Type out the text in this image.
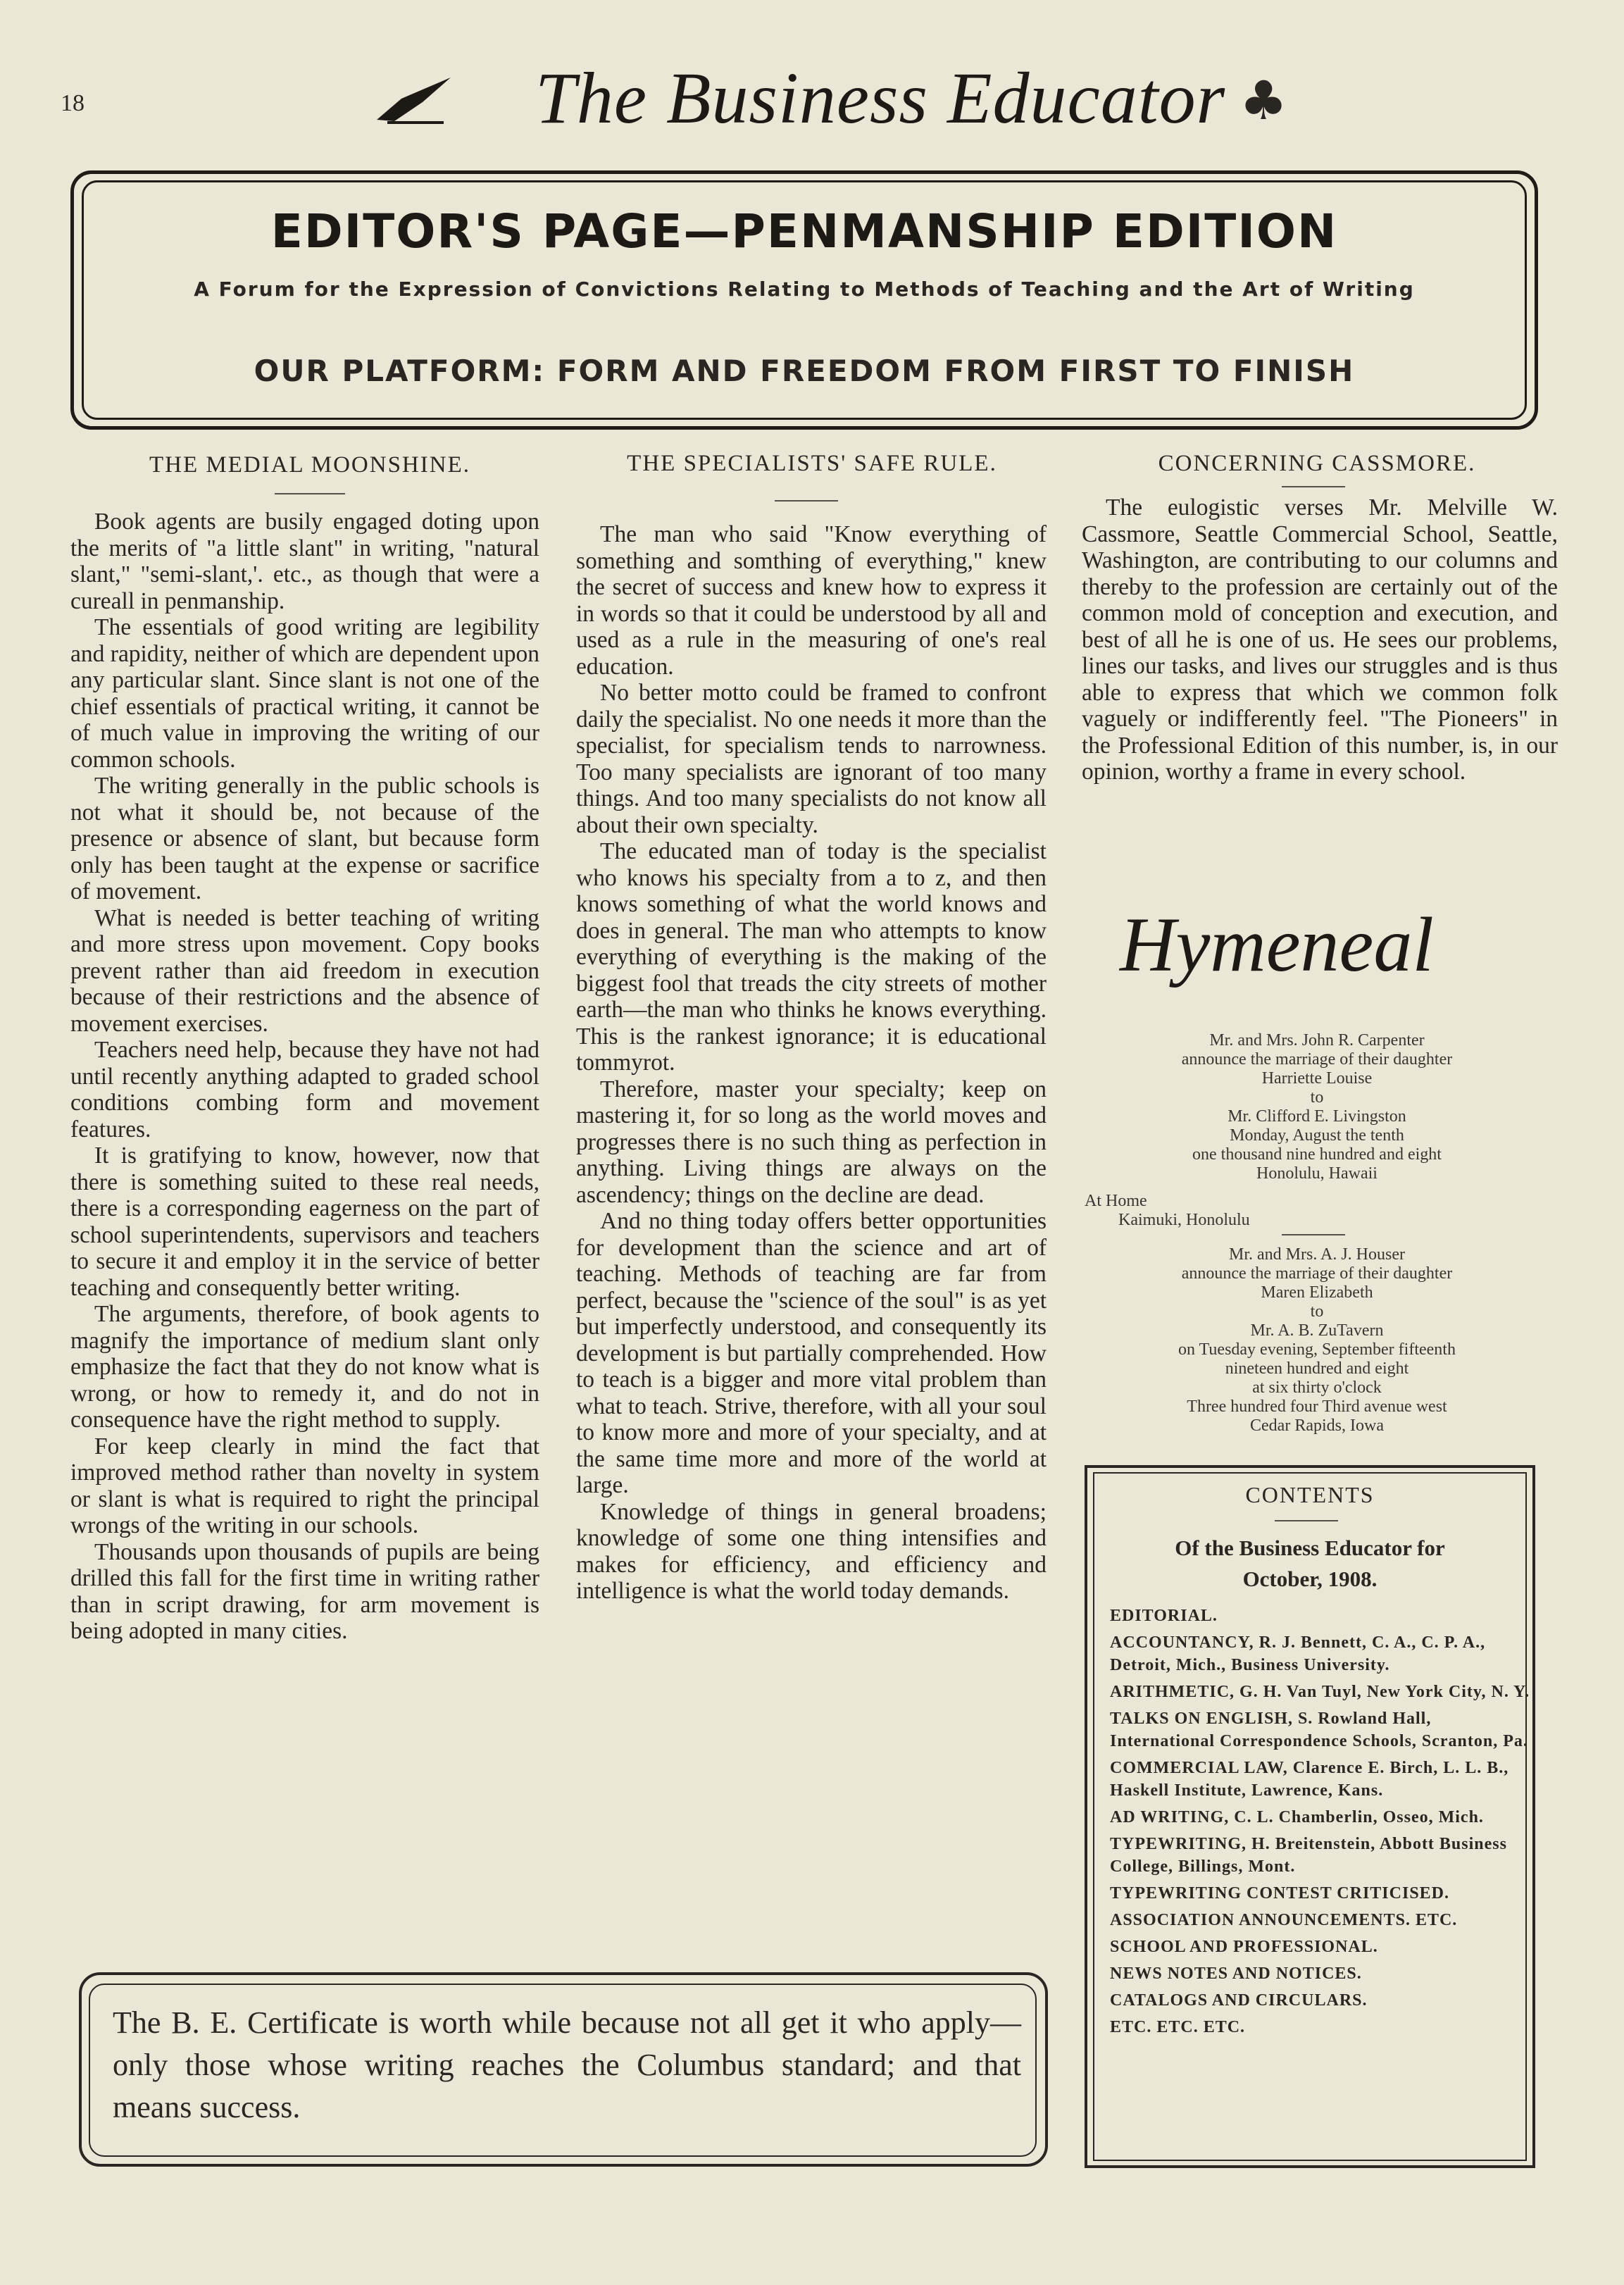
18	The Business Educator ♣
EDITOR'S PAGE—PENMANSHIP EDITION
A Forum for the Expression of Convictions Relating to Methods of Teaching and the Art of Writing
OUR PLATFORM: FORM AND FREEDOM FROM FIRST TO FINISH
THE MEDIAL MOONSHINE.

Book agents are busily engaged doting upon the merits of "a little slant" in writing, "natural slant," "semi-slant,'. etc., as though that were a cureall in penmanship.

The essentials of good writing are legibility and rapidity, neither of which are dependent upon any particular slant. Since slant is not one of the chief essentials of practical writing, it cannot be of much value in improving the writing of our common schools.

The writing generally in the public schools is not what it should be, not because of the presence or absence of slant, but because form only has been taught at the expense or sacrifice of movement.

What is needed is better teaching of writing and more stress upon movement. Copy books prevent rather than aid freedom in execution because of their restrictions and the absence of movement exercises.

Teachers need help, because they have not had until recently anything adapted to graded school conditions combing form and movement features.

It is gratifying to know, however, now that there is something suited to these real needs, there is a corresponding eagerness on the part of school superintendents, supervisors and teachers to secure it and employ it in the service of better teaching and consequently better writing.

The arguments, therefore, of book agents to magnify the importance of medium slant only emphasize the fact that they do not know what is wrong, or how to remedy it, and do not in consequence have the right method to supply.

For keep clearly in mind the fact that improved method rather than novelty in system or slant is what is required to right the principal wrongs of the writing in our schools.

Thousands upon thousands of pupils are being drilled this fall for the first time in writing rather than in script drawing, for arm movement is being adopted in many cities.

THE SPECIALISTS' SAFE RULE.

The man who said "Know everything of something and somthing of everything," knew the secret of success and knew how to express it in words so that it could be understood by all and used as a rule in the measuring of one's real education.

No better motto could be framed to confront daily the specialist. No one needs it more than the specialist, for specialism tends to narrowness. Too many specialists are ignorant of too many things. And too many specialists do not know all about their own specialty.

The educated man of today is the specialist who knows his specialty from a to z, and then knows something of what the world knows and does in general. The man who attempts to know everything of everything is the making of the biggest fool that treads the city streets of mother earth—the man who thinks he knows everything. This is the rankest ignorance; it is educational tommyrot.

Therefore, master your specialty; keep on mastering it, for so long as the world moves and progresses there is no such thing as perfection in anything. Living things are always on the ascendency; things on the decline are dead.

And no thing today offers better opportunities for development than the science and art of teaching. Methods of teaching are far from perfect, because the "science of the soul" is as yet but imperfectly understood, and consequently its development is but partially comprehended. How to teach is a bigger and more vital problem than what to teach. Strive, therefore, with all your soul to know more and more of your specialty, and at the same time more and more of the world at large.

Knowledge of things in general broadens; knowledge of some one thing intensifies and makes for efficiency, and efficiency and intelligence is what the world today demands.

CONCERNING CASSMORE.

The eulogistic verses Mr. Melville W. Cassmore, Seattle Commercial School, Seattle, Washington, are contributing to our columns and thereby to the profession are certainly out of the common mold of conception and execution, and best of all he is one of us. He sees our problems, lines our tasks, and lives our struggles and is thus able to express that which we common folk vaguely or indifferently feel. "The Pioneers" in the Professional Edition of this number, is, in our opinion, worthy a frame in every school.

Hymeneal
Mr. and Mrs. John R. Carpenter
announce the marriage of their daughter
Harriette Louise
to
Mr. Clifford E. Livingston
Monday, August the tenth
one thousand nine hundred and eight
Honolulu, Hawaii
At Home
Kaimuki, Honolulu
Mr. and Mrs. A. J. Houser
announce the marriage of their daughter
Maren Elizabeth
to
Mr. A. B. ZuTavern
on Tuesday evening, September fifteenth
nineteen hundred and eight
at six thirty o'clock
Three hundred four Third avenue west
Cedar Rapids, Iowa
CONTENTS
Of the Business Educator for
October, 1908.
EDITORIAL.
ACCOUNTANCY, R. J. Bennett, C. A., C. P. A., Detroit, Mich., Business University.
ARITHMETIC, G. H. Van Tuyl, New York City, N. Y.
TALKS ON ENGLISH, S. Rowland Hall, International Correspondence Schools, Scranton, Pa.
COMMERCIAL LAW, Clarence E. Birch, L. L. B., Haskell Institute, Lawrence, Kans.
AD WRITING, C. L. Chamberlin, Osseo, Mich.
TYPEWRITING, H. Breitenstein, Abbott Business College, Billings, Mont.
TYPEWRITING CONTEST CRITICISED.
ASSOCIATION ANNOUNCEMENTS. ETC.
SCHOOL AND PROFESSIONAL.
NEWS NOTES AND NOTICES.
CATALOGS AND CIRCULARS.
ETC. ETC. ETC.
The B. E. Certificate is worth while because not all get it who apply—only those whose writing reaches the Columbus standard; and that means success.
